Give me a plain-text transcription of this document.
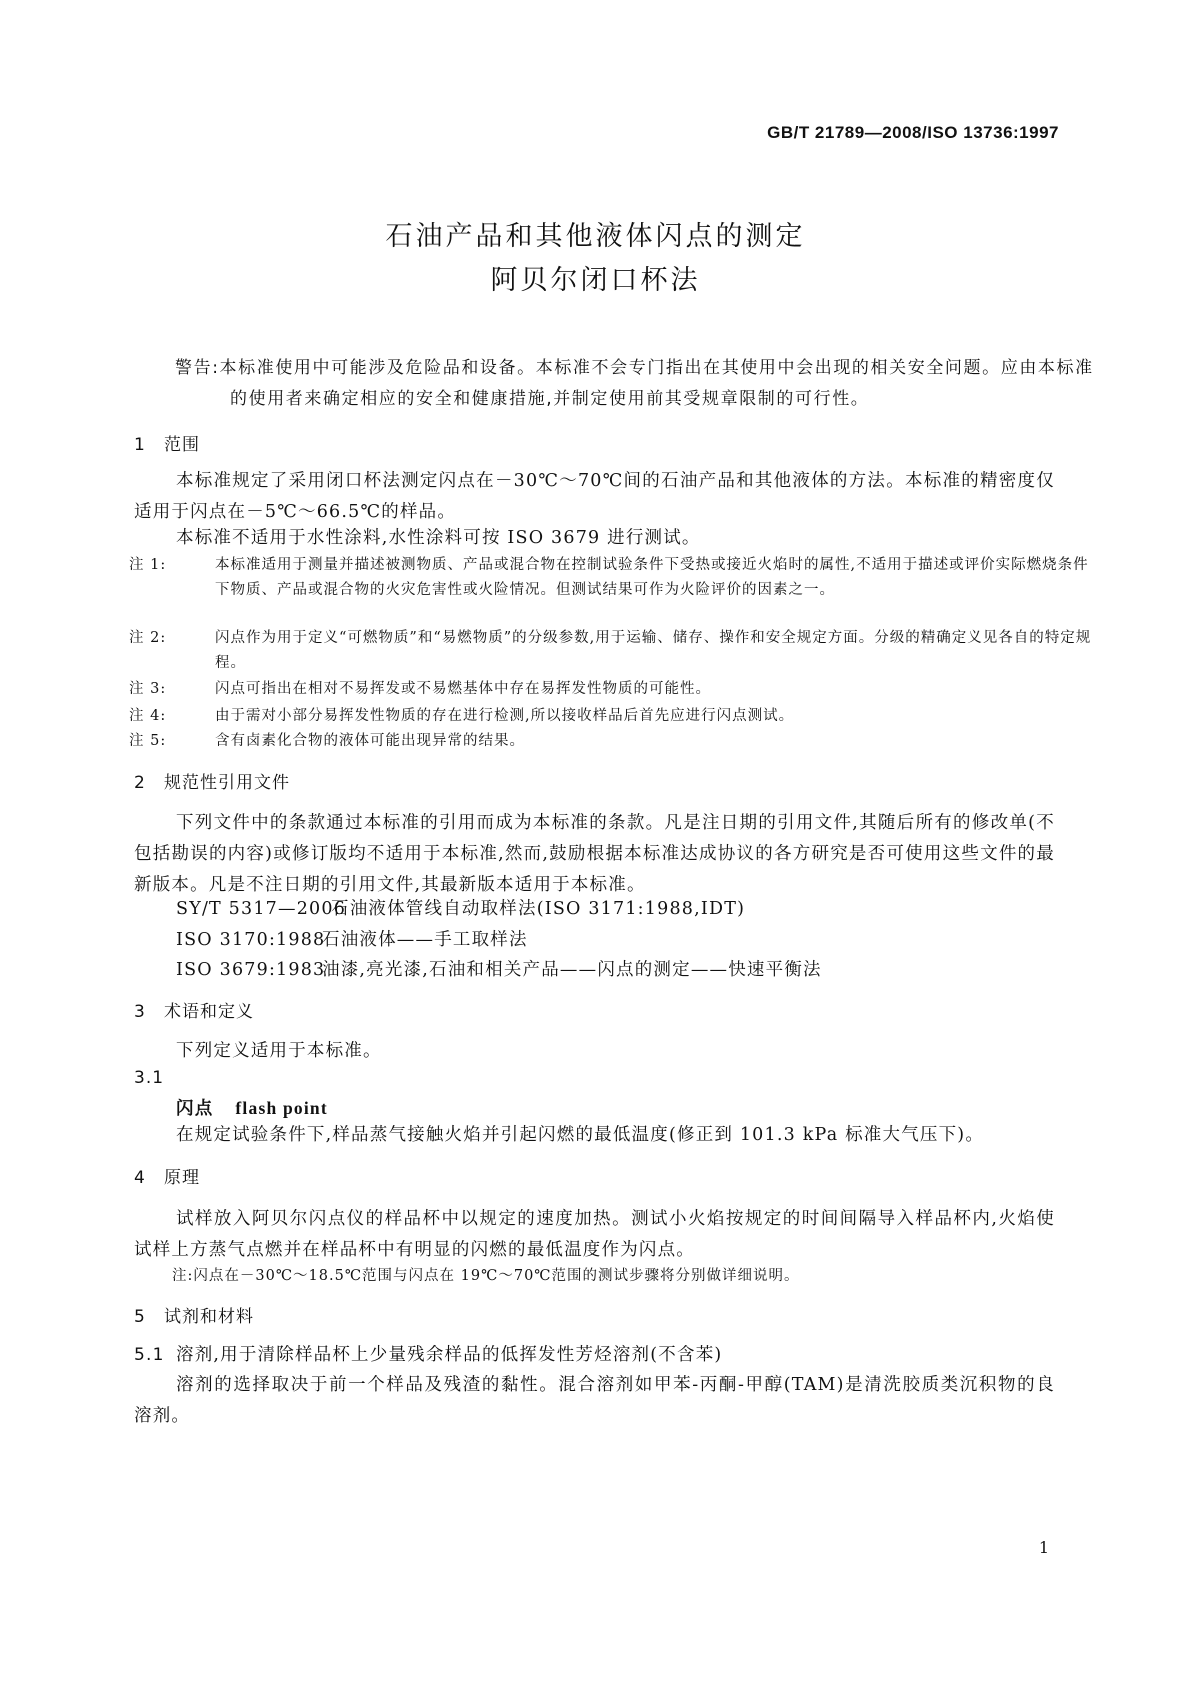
GB/T 21789—2008/ISO 13736:1997
石油产品和其他液体闪点的测定
阿贝尔闭口杯法
警告:本标准使用中可能涉及危险品和设备。本标准不会专门指出在其使用中会出现的相关安全问题。应由本标准的使用者来确定相应的安全和健康措施,并制定使用前其受规章限制的可行性。
1 范围
本标准规定了采用闭口杯法测定闪点在－30℃～70℃间的石油产品和其他液体的方法。本标准的精密度仅适用于闪点在－5℃～66.5℃的样品。
本标准不适用于水性涂料,水性涂料可按 ISO 3679 进行测试。
注 1:	本标准适用于测量并描述被测物质、产品或混合物在控制试验条件下受热或接近火焰时的属性,不适用于描述或评价实际燃烧条件下物质、产品或混合物的火灾危害性或火险情况。但测试结果可作为火险评价的因素之一。
注 2:	闪点作为用于定义“可燃物质”和“易燃物质”的分级参数,用于运输、储存、操作和安全规定方面。分级的精确定义见各自的特定规程。
注 3:	闪点可指出在相对不易挥发或不易燃基体中存在易挥发性物质的可能性。
注 4:	由于需对小部分易挥发性物质的存在进行检测,所以接收样品后首先应进行闪点测试。
注 5:	含有卤素化合物的液体可能出现异常的结果。
2 规范性引用文件
下列文件中的条款通过本标准的引用而成为本标准的条款。凡是注日期的引用文件,其随后所有的修改单(不包括勘误的内容)或修订版均不适用于本标准,然而,鼓励根据本标准达成协议的各方研究是否可使用这些文件的最新版本。凡是不注日期的引用文件,其最新版本适用于本标准。
SY/T 5317—2006石油液体管线自动取样法(ISO 3171:1988,IDT)
ISO 3170:1988石油液体——手工取样法
ISO 3679:1983油漆,亮光漆,石油和相关产品——闪点的测定——快速平衡法
3 术语和定义
下列定义适用于本标准。
3.1
闪点 flash point
在规定试验条件下,样品蒸气接触火焰并引起闪燃的最低温度(修正到 101.3 kPa 标准大气压下)。
4 原理
试样放入阿贝尔闪点仪的样品杯中以规定的速度加热。测试小火焰按规定的时间间隔导入样品杯内,火焰使试样上方蒸气点燃并在样品杯中有明显的闪燃的最低温度作为闪点。
注:闪点在－30℃～18.5℃范围与闪点在 19℃～70℃范围的测试步骤将分别做详细说明。
5 试剂和材料
5.1 溶剂,用于清除样品杯上少量残余样品的低挥发性芳烃溶剂(不含苯)
溶剂的选择取决于前一个样品及残渣的黏性。混合溶剂如甲苯-丙酮-甲醇(TAM)是清洗胶质类沉积物的良溶剂。
1
